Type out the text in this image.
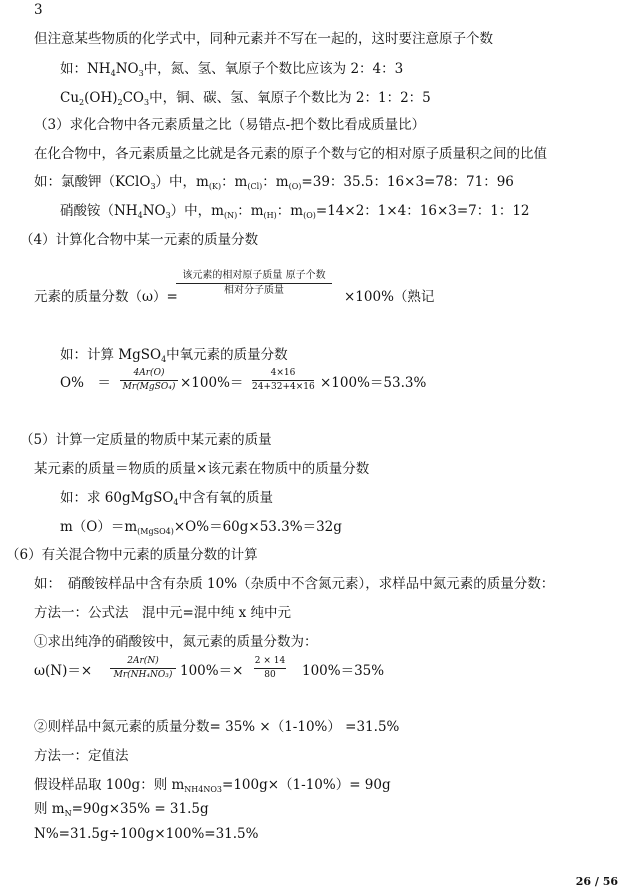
3
但注意某些物质的化学式中，同种元素并不写在一起的，这时要注意原子个数
如：$NH_4NO_3$中，氮、氢、氧原子个数比应该为 2：4：3
$Cu_2(OH)_2CO_3$中，铜、碳、氢、氧原子个数比为 2：1：2：5
（3）求化合物中各元素质量之比（易错点-把个数比看成质量比）
在化合物中，各元素质量之比就是各元素的原子个数与它的相对原子质量积之间的比值
如：氯酸钾（KClO$_3$）中，$m_{(K)}$：$m_{(Cl)}$：$m_{(O)}=39$：35.5：16×3=78：71：96
硝酸铵$(NH_4NO_3)$中，$m_{(N)}$：$m_{(H)}$：$m_{(O)}=14\times 2$：1×4：16×3=7：1：12
（4）计算化合物中某一元素的质量分数
该元素的相对原子质量 原子个数
相对分子质量
元素的质量分数（ω）=	×100%（熟记
如：计算 MgSO$_4$中氧元素的质量分数
O%　＝
4Ar(O)
Mr(MgSO₄) ×100%＝
4×16
24+32+4×16 ×100%＝53.3%
（5）计算一定质量的物质中某元素的质量
某元素的质量＝物质的质量×该元素在物质中的质量分数
如：求 60gMgSO$_4$中含有氧的质量
$m(O)=m_{(MgSO4)}\times O\%=60g\times 53.3\%=32g$
（6）有关混合物中元素的质量分数的计算
如：　硝酸铵样品中含有杂质 10%（杂质中不含氮元素），求样品中氮元素的质量分数：
方法一：公式法　混中元=混中纯 x 纯中元
①求出纯净的硝酸铵中，氮元素的质量分数为：
ω(N)＝×
2Ar(N)
Mr(NH₄NO₃) 100%＝×
2 × 14
80	100%＝35%
②则样品中氮元素的质量分数= 35% ×（1-10%） =31.5%
方法一：定值法
假设样品取 100g：则 $m_{NH4NO3}=100g\times(1-10\%)= 90g$
则 $m_N=90g\times 35\% = 31.5g$
N%=31.5g÷100g×100%=31.5%
26 / 56
